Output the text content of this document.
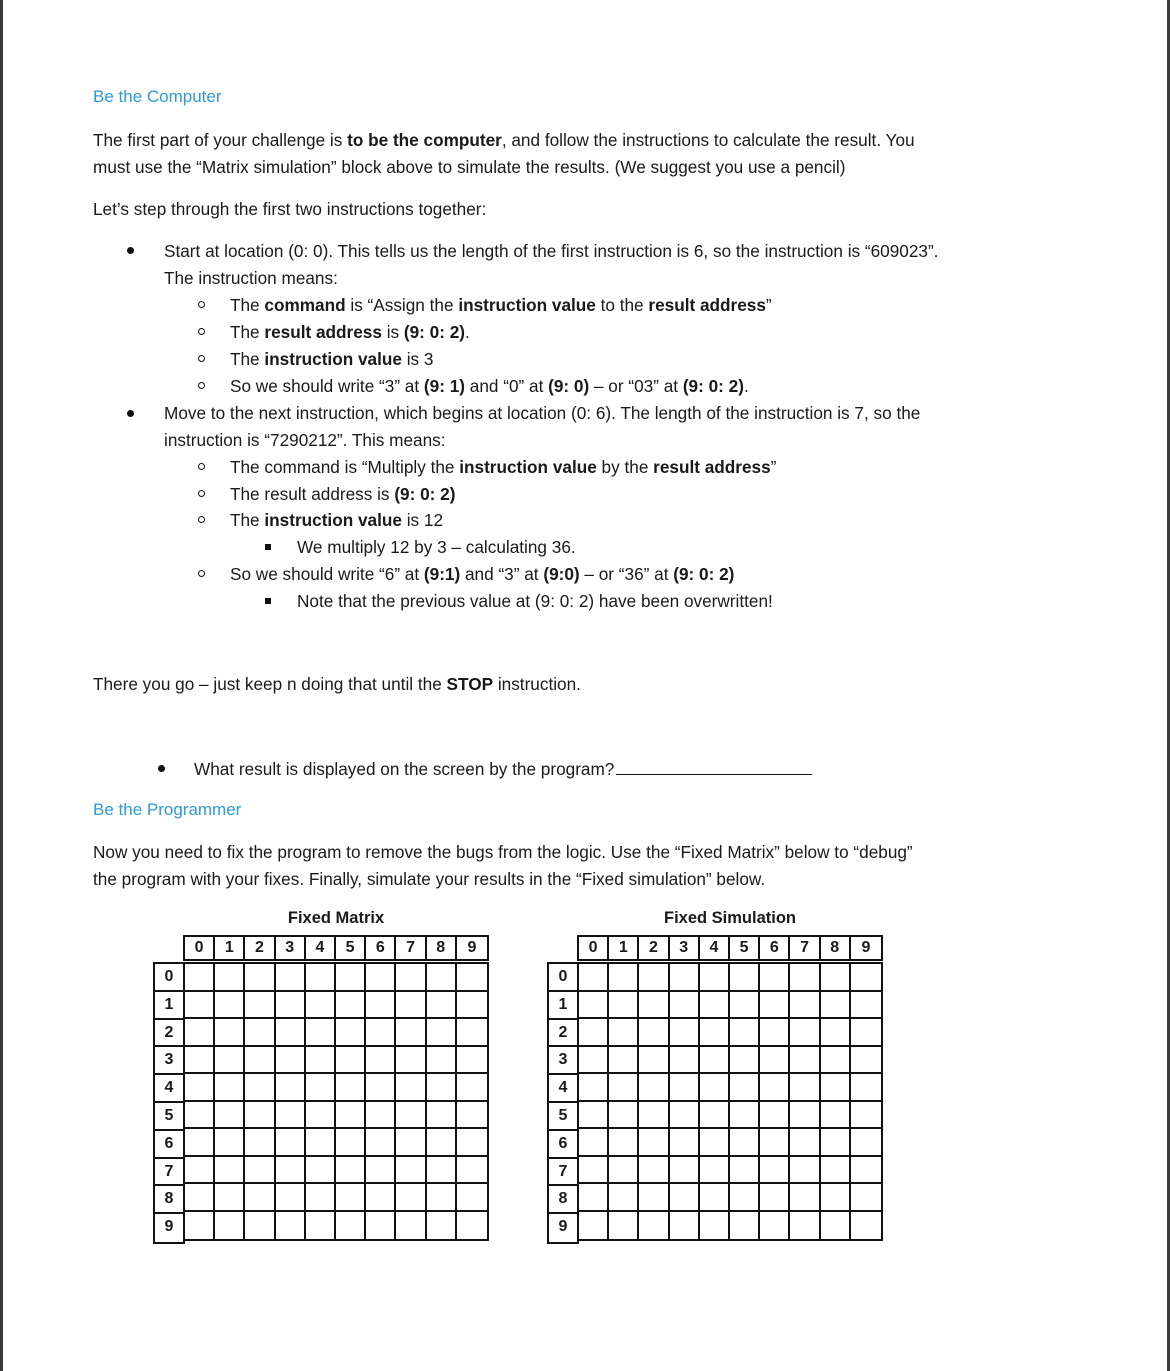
Be the Computer
The first part of your challenge is to be the computer, and follow the instructions to calculate the result. You
must use the “Matrix simulation” block above to simulate the results. (We suggest you use a pencil)
Let’s step through the first two instructions together:
Start at location (0: 0). This tells us the length of the first instruction is 6, so the instruction is “609023”.
The instruction means:
The command is “Assign the instruction value to the result address”
The result address is (9: 0: 2).
The instruction value is 3
So we should write “3” at (9: 1) and “0” at (9: 0) – or “03” at (9: 0: 2).
Move to the next instruction, which begins at location (0: 6). The length of the instruction is 7, so the
instruction is “7290212”. This means:
The command is “Multiply the instruction value by the result address”
The result address is (9: 0: 2)
The instruction value is 12
We multiply 12 by 3 – calculating 36.
So we should write “6” at (9:1) and “3” at (9:0) – or “36” at (9: 0: 2)
Note that the previous value at (9: 0: 2) have been overwritten!
There you go – just keep n doing that until the STOP instruction.
What result is displayed on the screen by the program?
Be the Programmer
Now you need to fix the program to remove the bugs from the logic. Use the “Fixed Matrix” below to “debug”
the program with your fixes. Finally, simulate your results in the “Fixed simulation” below.
Fixed Matrix
0	1	2	3	4	5	6	7	8	9
0
1
2
3
4
5
6
7
8
9
Fixed Simulation
0	1	2	3	4	5	6	7	8	9
0
1
2
3
4
5
6
7
8
9
